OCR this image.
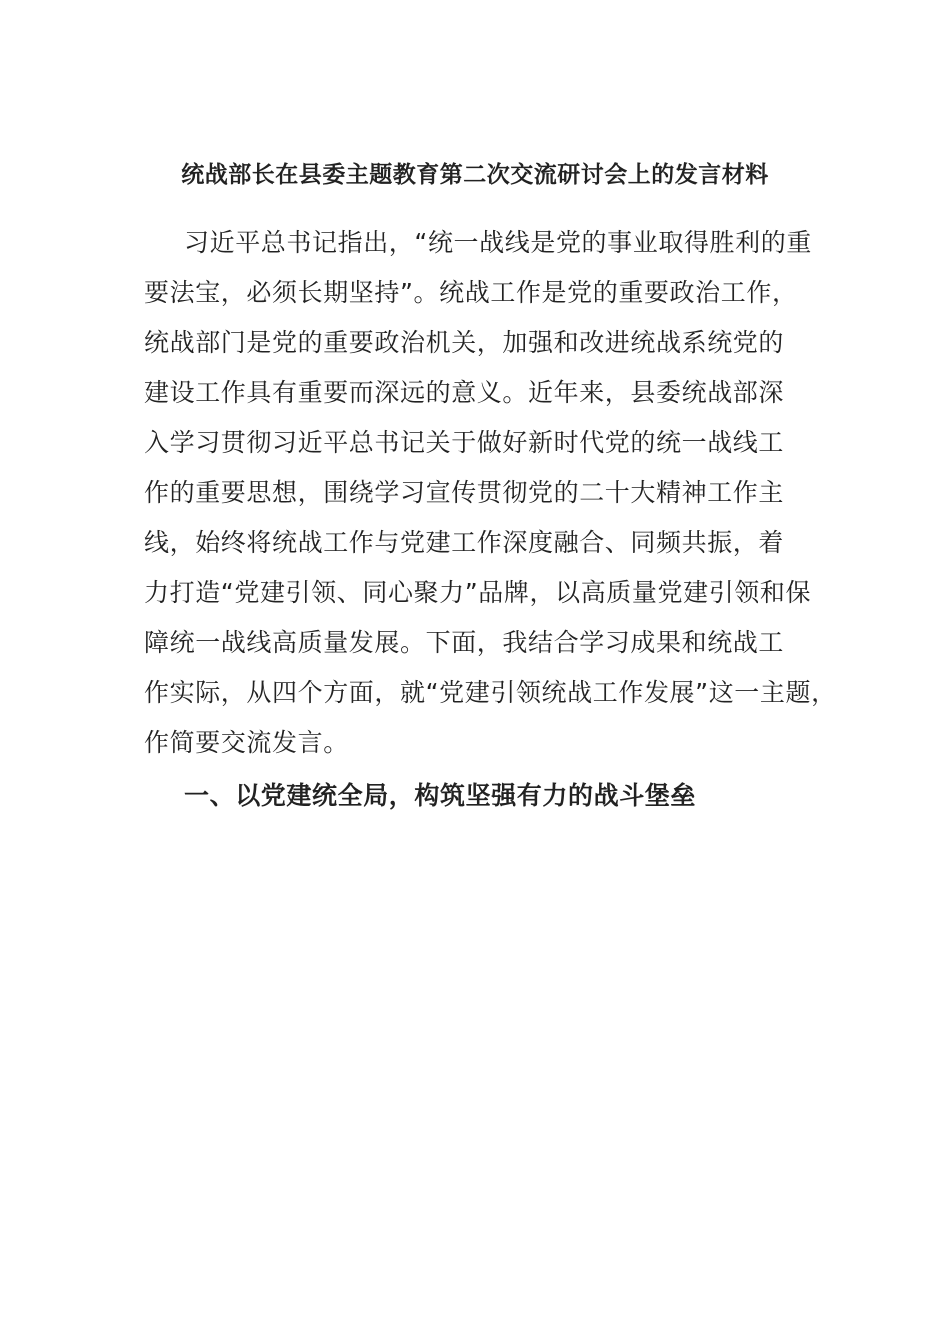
统战部长在县委主题教育第二次交流研讨会上的发言材料
习近平总书记指出，“统一战线是党的事业取得胜利的重
要法宝，必须长期坚持”。统战工作是党的重要政治工作，
统战部门是党的重要政治机关，加强和改进统战系统党的
建设工作具有重要而深远的意义。近年来，县委统战部深
入学习贯彻习近平总书记关于做好新时代党的统一战线工
作的重要思想，围绕学习宣传贯彻党的二十大精神工作主
线，始终将统战工作与党建工作深度融合、同频共振，着
力打造“党建引领、同心聚力”品牌，以高质量党建引领和保
障统一战线高质量发展。下面，我结合学习成果和统战工
作实际，从四个方面，就“党建引领统战工作发展”这一主题，
作简要交流发言。
一、以党建统全局，构筑坚强有力的战斗堡垒
